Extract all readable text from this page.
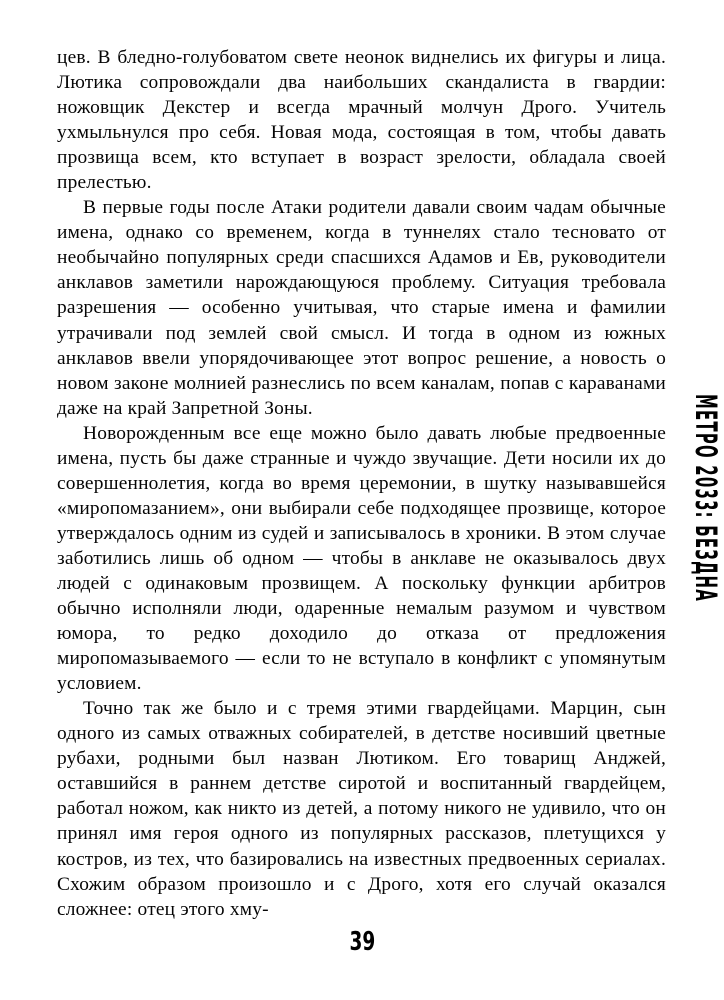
цев. В бледно-голубоватом свете неонок виднелись их фигуры и лица. Лютика сопровождали два наибольших скандалиста в гвардии: ножовщик Декстер и всегда мрачный молчун Дрого. Учитель ухмыльнулся про себя. Новая мода, состоящая в том, чтобы давать прозвища всем, кто вступает в возраст зрелости, обладала своей прелестью.

В первые годы после Атаки родители давали своим чадам обычные имена, однако со временем, когда в туннелях стало тесновато от необычайно популярных среди спасшихся Адамов и Ев, руководители анклавов заметили нарождающуюся проблему. Ситуация требовала разрешения — особенно учитывая, что старые имена и фамилии утрачивали под землей свой смысл. И тогда в одном из южных анклавов ввели упорядочивающее этот вопрос решение, а новость о новом законе молнией разнеслись по всем каналам, попав с караванами даже на край Запретной Зоны.

Новорожденным все еще можно было давать любые предвоенные имена, пусть бы даже странные и чуждо звучащие. Дети носили их до совершеннолетия, когда во время церемонии, в шутку называвшейся «миропомазанием», они выбирали себе подходящее прозвище, которое утверждалось одним из судей и записывалось в хроники. В этом случае заботились лишь об одном — чтобы в анклаве не оказывалось двух людей с одинаковым прозвищем. А поскольку функции арбитров обычно исполняли люди, одаренные немалым разумом и чувством юмора, то редко доходило до отказа от предложения миропомазываемого — если то не вступало в конфликт с упомянутым условием.

Точно так же было и с тремя этими гвардейцами. Марцин, сын одного из самых отважных собирателей, в детстве носивший цветные рубахи, родными был назван Лютиком. Его товарищ Анджей, оставшийся в раннем детстве сиротой и воспитанный гвардейцем, работал ножом, как никто из детей, а потому никого не удивило, что он принял имя героя одного из популярных рассказов, плетущихся у костров, из тех, что базировались на известных предвоенных сериалах. Схожим образом произошло и с Дрого, хотя его случай оказался сложнее: отец этого хму-

МЕТРО 2033: БЕЗДНА
39
